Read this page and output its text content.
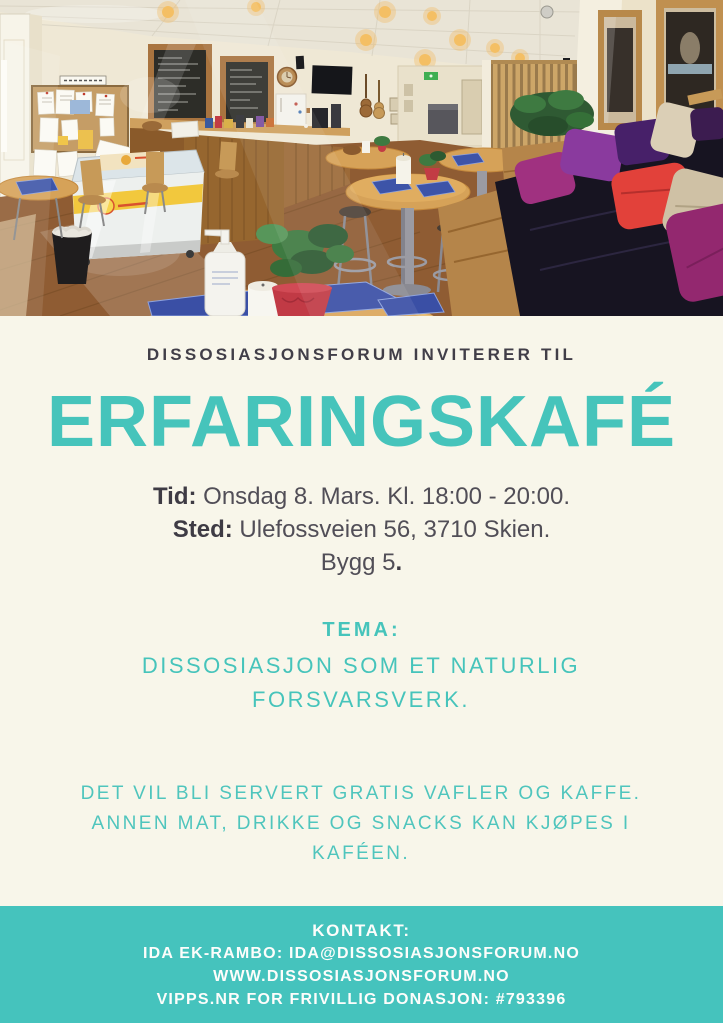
DISSOSIASJONSFORUM INVITERER TIL
ERFARINGSKAFÉ

Tid: Onsdag 8. Mars. Kl. 18:00 - 20:00.

Sted: Ulefossveien 56, 3710 Skien.

Bygg 5.

TEMA:
DISSOSIASJON SOM ET NATURLIG FORSVARSVERK.
DET VIL BLI SERVERT GRATIS VAFLER OG KAFFE. ANNEN MAT, DRIKKE OG SNACKS KAN KJØPES I KAFÉEN.
KONTAKT:
IDA EK-RAMBO: IDA@DISSOSIASJONSFORUM.NO
WWW.DISSOSIASJONSFORUM.NO
VIPPS.NR FOR FRIVILLIG DONASJON: #793396
